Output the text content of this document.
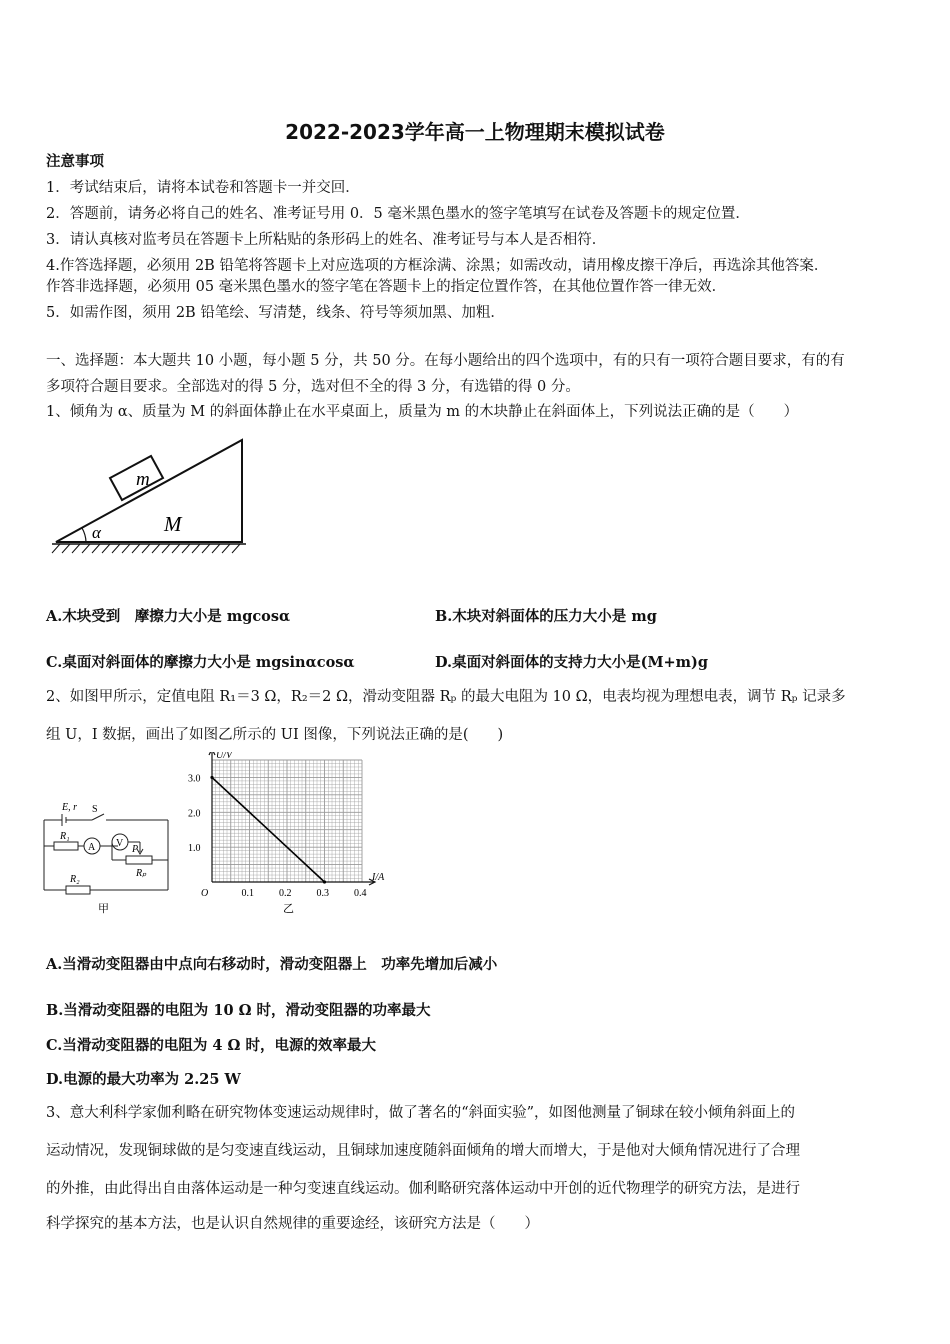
2022-2023学年高一上物理期末模拟试卷
注意事项
1．考试结束后，请将本试卷和答题卡一并交回．
2．答题前，请务必将自己的姓名、准考证号用 0．5 毫米黑色墨水的签字笔填写在试卷及答题卡的规定位置．
3．请认真核对监考员在答题卡上所粘贴的条形码上的姓名、准考证号与本人是否相符．
4.作答选择题，必须用 2B 铅笔将答题卡上对应选项的方框涂满、涂黑；如需改动，请用橡皮擦干净后，再选涂其他答案．
作答非选择题，必须用 05 毫米黑色墨水的签字笔在答题卡上的指定位置作答，在其他位置作答一律无效．
5．如需作图，须用 2B 铅笔绘、写清楚，线条、符号等须加黑、加粗．
一、选择题：本大题共 10 小题，每小题 5 分，共 50 分。在每小题给出的四个选项中，有的只有一项符合题目要求，有的有
多项符合题目要求。全部选对的得 5 分，选对但不全的得 3 分，有选错的得 0 分。
1、倾角为 α、质量为 M 的斜面体静止在水平桌面上，质量为 m 的木块静止在斜面体上，下列说法正确的是（　　）
m
M
α
A.木块受到　摩擦力大小是 mgcosα	B.木块对斜面体的压力大小是 mg
C.桌面对斜面体的摩擦力大小是 mgsinαcosα	D.桌面对斜面体的支持力大小是(M+m)g
2、如图甲所示，定值电阻 R₁＝3 Ω，R₂＝2 Ω，滑动变阻器 Rₚ 的最大电阻为 10 Ω，电表均视为理想电表，调节 Rₚ 记录多
组 U，I 数据，画出了如图乙所示的 UI 图像，下列说法正确的是(　　)
E, r S
R₁
A V
P
Rₚ
R₂
甲
0.1	0.2	0.3	0.4
1.0
2.0
3.0
O
U/V
I/A
乙
A.当滑动变阻器由中点向右移动时，滑动变阻器上　功率先增加后减小
B.当滑动变阻器的电阻为 10 Ω 时，滑动变阻器的功率最大
C.当滑动变阻器的电阻为 4 Ω 时，电源的效率最大
D.电源的最大功率为 2.25 W
3、意大利科学家伽利略在研究物体变速运动规律时，做了著名的“斜面实验”，如图他测量了铜球在较小倾角斜面上的
运动情况，发现铜球做的是匀变速直线运动，且铜球加速度随斜面倾角的增大而增大，于是他对大倾角情况进行了合理
的外推，由此得出自由落体运动是一种匀变速直线运动。伽利略研究落体运动中开创的近代物理学的研究方法，是进行
科学探究的基本方法，也是认识自然规律的重要途经，该研究方法是（　　）
